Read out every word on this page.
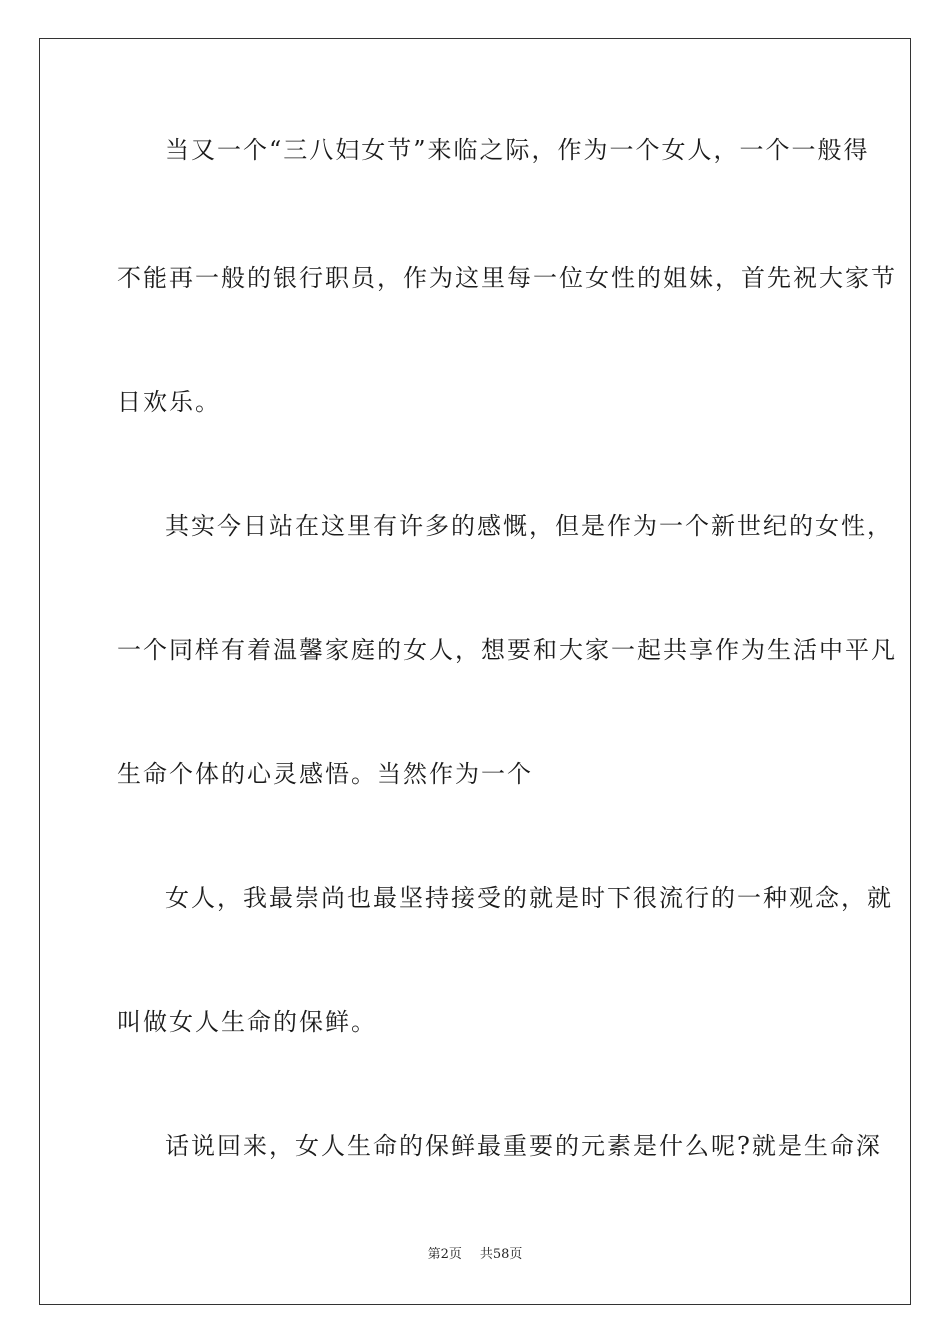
当又一个“三八妇女节”来临之际，作为一个女人，一个一般得
不能再一般的银行职员，作为这里每一位女性的姐妹，首先祝大家节
日欢乐。
其实今日站在这里有许多的感慨，但是作为一个新世纪的女性，
一个同样有着温馨家庭的女人，想要和大家一起共享作为生活中平凡
生命个体的心灵感悟。当然作为一个
女人，我最崇尚也最坚持接受的就是时下很流行的一种观念，就
叫做女人生命的保鲜。
话说回来，女人生命的保鲜最重要的元素是什么呢?就是生命深
第2页 共58页
